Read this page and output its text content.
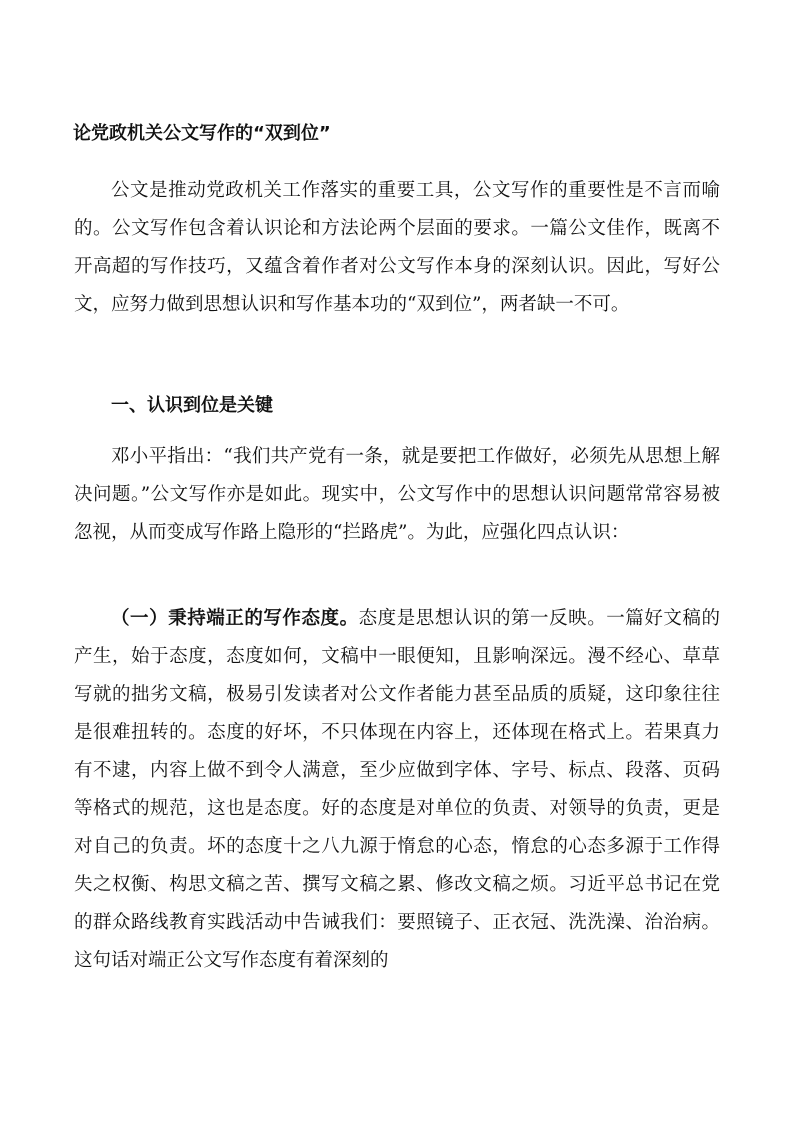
论党政机关公文写作的“双到位”

公文是推动党政机关工作落实的重要工具，公文写作的重要性是不言而喻的。公文写作包含着认识论和方法论两个层面的要求。一篇公文佳作，既离不开高超的写作技巧，又蕴含着作者对公文写作本身的深刻认识。因此，写好公文，应努力做到思想认识和写作基本功的“双到位”，两者缺一不可。

一、认识到位是关键

邓小平指出：“我们共产党有一条，就是要把工作做好，必须先从思想上解决问题。”公文写作亦是如此。现实中，公文写作中的思想认识问题常常容易被忽视，从而变成写作路上隐形的“拦路虎”。为此，应强化四点认识：

（一）秉持端正的写作态度。态度是思想认识的第一反映。一篇好文稿的产生，始于态度，态度如何，文稿中一眼便知，且影响深远。漫不经心、草草写就的拙劣文稿，极易引发读者对公文作者能力甚至品质的质疑，这印象往往是很难扭转的。态度的好坏，不只体现在内容上，还体现在格式上。若果真力有不逮，内容上做不到令人满意，至少应做到字体、字号、标点、段落、页码等格式的规范，这也是态度。好的态度是对单位的负责、对领导的负责，更是对自己的负责。坏的态度十之八九源于惰怠的心态，惰怠的心态多源于工作得失之权衡、构思文稿之苦、撰写文稿之累、修改文稿之烦。习近平总书记在党的群众路线教育实践活动中告诫我们：要照镜子、正衣冠、洗洗澡、治治病。这句话对端正公文写作态度有着深刻的
